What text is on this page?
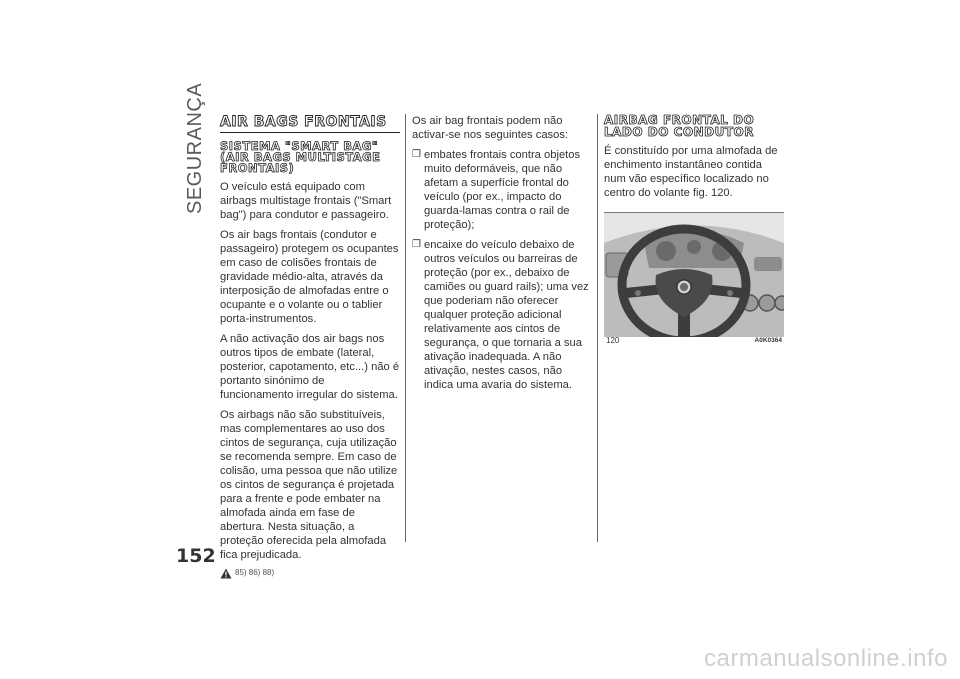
SEGURANÇA
152
AIR BAGS FRONTAIS
SISTEMA "SMART BAG"
(AIR BAGS MULTISTAGE
FRONTAIS)

O veículo está equipado com airbags multistage frontais ("Smart bag") para condutor e passageiro.

Os air bags frontais (condutor e passageiro) protegem os ocupantes em caso de colisões frontais de gravidade médio-alta, através da interposição de almofadas entre o ocupante e o volante ou o tablier porta-instrumentos.

A não activação dos air bags nos outros tipos de embate (lateral, posterior, capotamento, etc...) não é portanto sinónimo de funcionamento irregular do sistema.

Os airbags não são substituíveis, mas complementares ao uso dos cintos de segurança, cuja utilização se recomenda sempre. Em caso de colisão, uma pessoa que não utilize os cintos de segurança é projetada para a frente e pode embater na almofada ainda em fase de abertura. Nesta situação, a proteção oferecida pela almofada fica prejudicada.

85) 86) 88)

Os air bag frontais podem não activar-se nos seguintes casos:

❒ embates frontais contra objetos muito deformáveis, que não afetam a superfície frontal do veículo (por ex., impacto do guarda-lamas contra o rail de proteção);
❒ encaixe do veículo debaixo de outros veículos ou barreiras de proteção (por ex., debaixo de camiões ou guard rails); uma vez que poderiam não oferecer qualquer proteção adicional relativamente aos cintos de segurança, o que tornaria a sua ativação inadequada. A não ativação, nestes casos, não indica uma avaria do sistema.
AIRBAG FRONTAL DO
LADO DO CONDUTOR

É constituído por uma almofada de enchimento instantâneo contida num vão específico localizado no centro do volante fig. 120.

120	A0K0364
carmanualsonline.info
